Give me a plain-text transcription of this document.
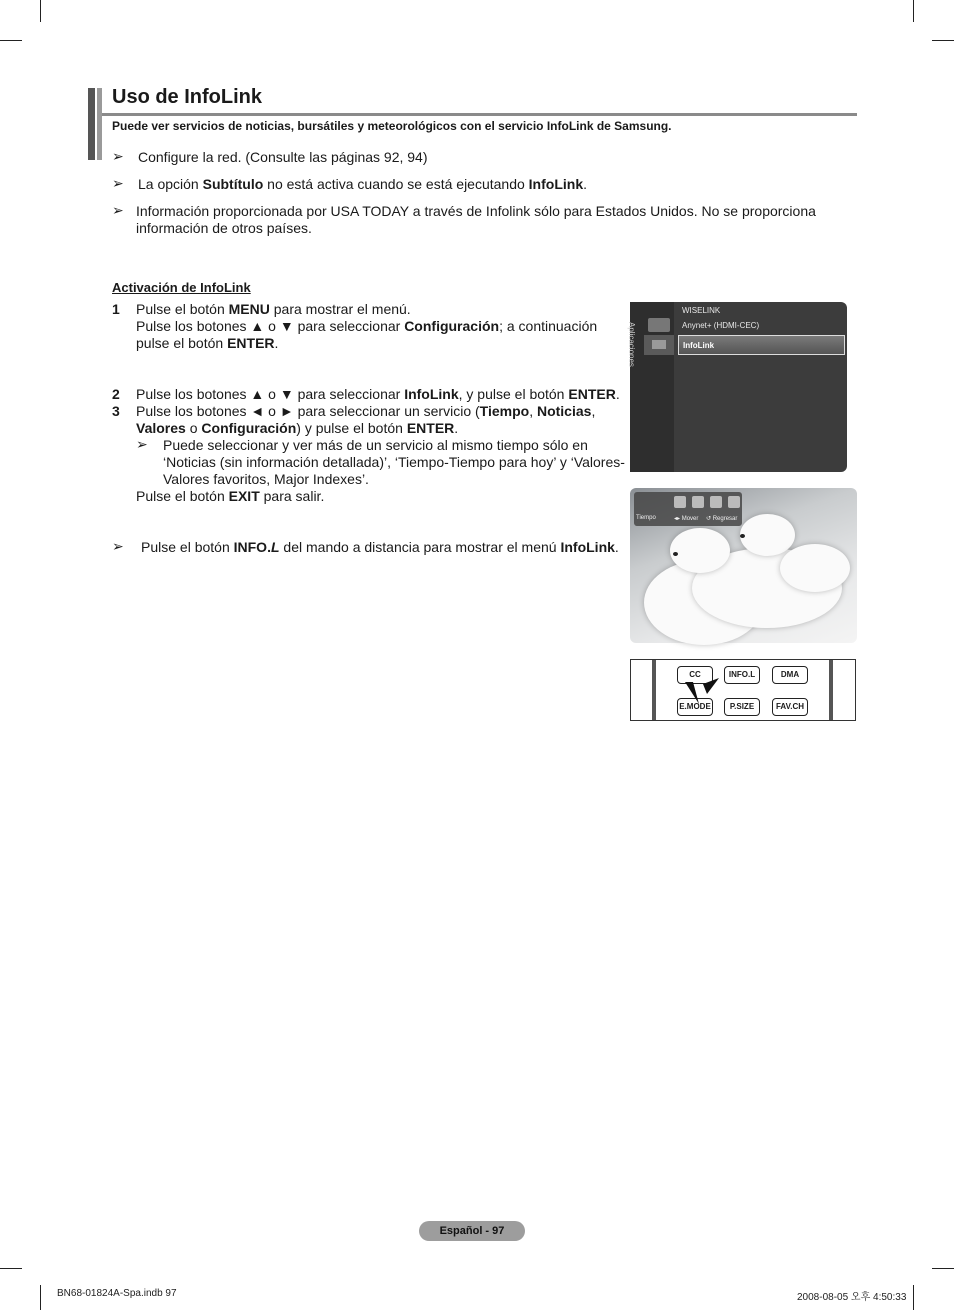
Uso de InfoLink
Puede ver servicios de noticias, bursátiles y meteorológicos con el servicio InfoLink de Samsung.
➢ Configure la red. (Consulte las páginas 92, 94)
➢ La opción Subtítulo no está activa cuando se está ejecutando InfoLink.
➢ Información proporcionada por USA TODAY a través de Infolink sólo para Estados Unidos. No se proporciona
información de otros países.
Activación de InfoLink
1 Pulse el botón MENU para mostrar el menú.
Pulse los botones ▲ o ▼ para seleccionar Configuración; a continuación
pulse el botón ENTER.
2 Pulse los botones ▲ o ▼ para seleccionar InfoLink, y pulse el botón ENTER.
3 Pulse los botones ◄ o ► para seleccionar un servicio (Tiempo, Noticias,
Valores o Configuración) y pulse el botón ENTER.
➢ Puede seleccionar y ver más de un servicio al mismo tiempo sólo en
‘Noticias (sin información detallada)’, ‘Tiempo-Tiempo para hoy’ y ‘Valores-
Valores favoritos, Major Indexes’.
Pulse el botón EXIT para salir.
➢ Pulse el botón INFO.L del mando a distancia para mostrar el menú InfoLink.
Aplicaciones
WISELINK
Anynet+ (HDMI-CEC)
InfoLink
Tiempo	◂▸ Mover ↺ Regresar
CC	INFO.L	DMA
E.MODE	P.SIZE	FAV.CH
Español - 97
BN68-01824A-Spa.indb 97	2008-08-05 오후 4:50:33
